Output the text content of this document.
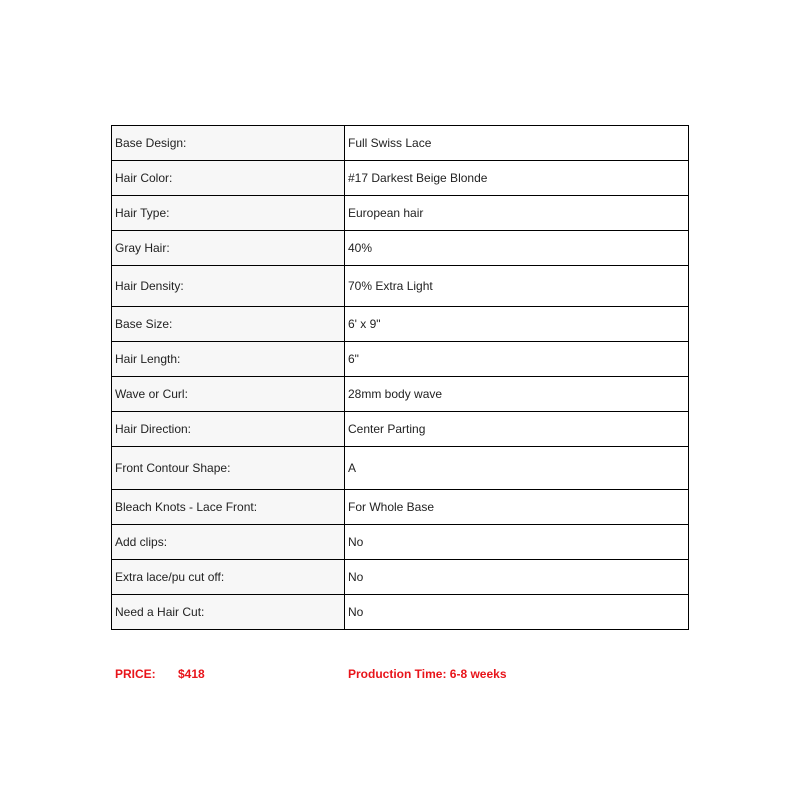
Base Design:	Full Swiss Lace
Hair Color:	#17 Darkest Beige Blonde
Hair Type:	European hair
Gray Hair:	40%
Hair Density:	70% Extra Light
Base Size:	6' x 9"
Hair Length:	6"
Wave or Curl:	28mm body wave
Hair Direction:	Center Parting
Front Contour Shape:	A
Bleach Knots - Lace Front:	For Whole Base
Add clips:	No
Extra lace/pu cut off:	No
Need a Hair Cut:	No
PRICE: $418	Production Time: 6-8 weeks
